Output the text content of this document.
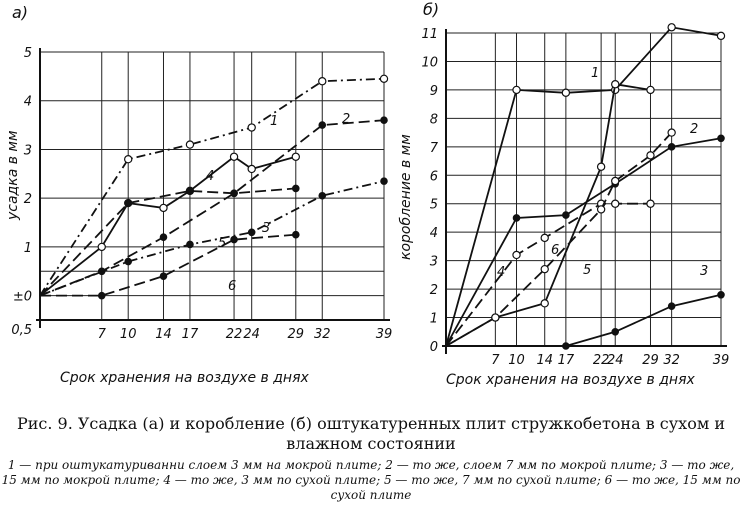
7 10 14 17 22 24 29 32	39
0,5
±0
1
2
3
4
5
а)
Срок хранения на воздухе в днях
усадка в мм
1	2
3
4
5
6
7 10 14 17 22
24 29 32	39
0
1
2
3
4
5
6
7
8
9
10
11
б)
Срок хранения на воздухе в днях
коробление в мм
1
2
3
4	5
6
Рис. 9. Усадка (а) и коробление (б) оштукатуренных плит стружкобетона в сухом и влажном состоянии
1 — при оштукатуриванни слоем 3 мм на мокрой плите; 2 — то же, слоем 7 мм по мокрой плите; 3 — то же, 15 мм по мокрой плите; 4 — то же, 3 мм по сухой плите; 5 — то же, 7 мм по сухой плите; 6 — то же, 15 мм по сухой плите
